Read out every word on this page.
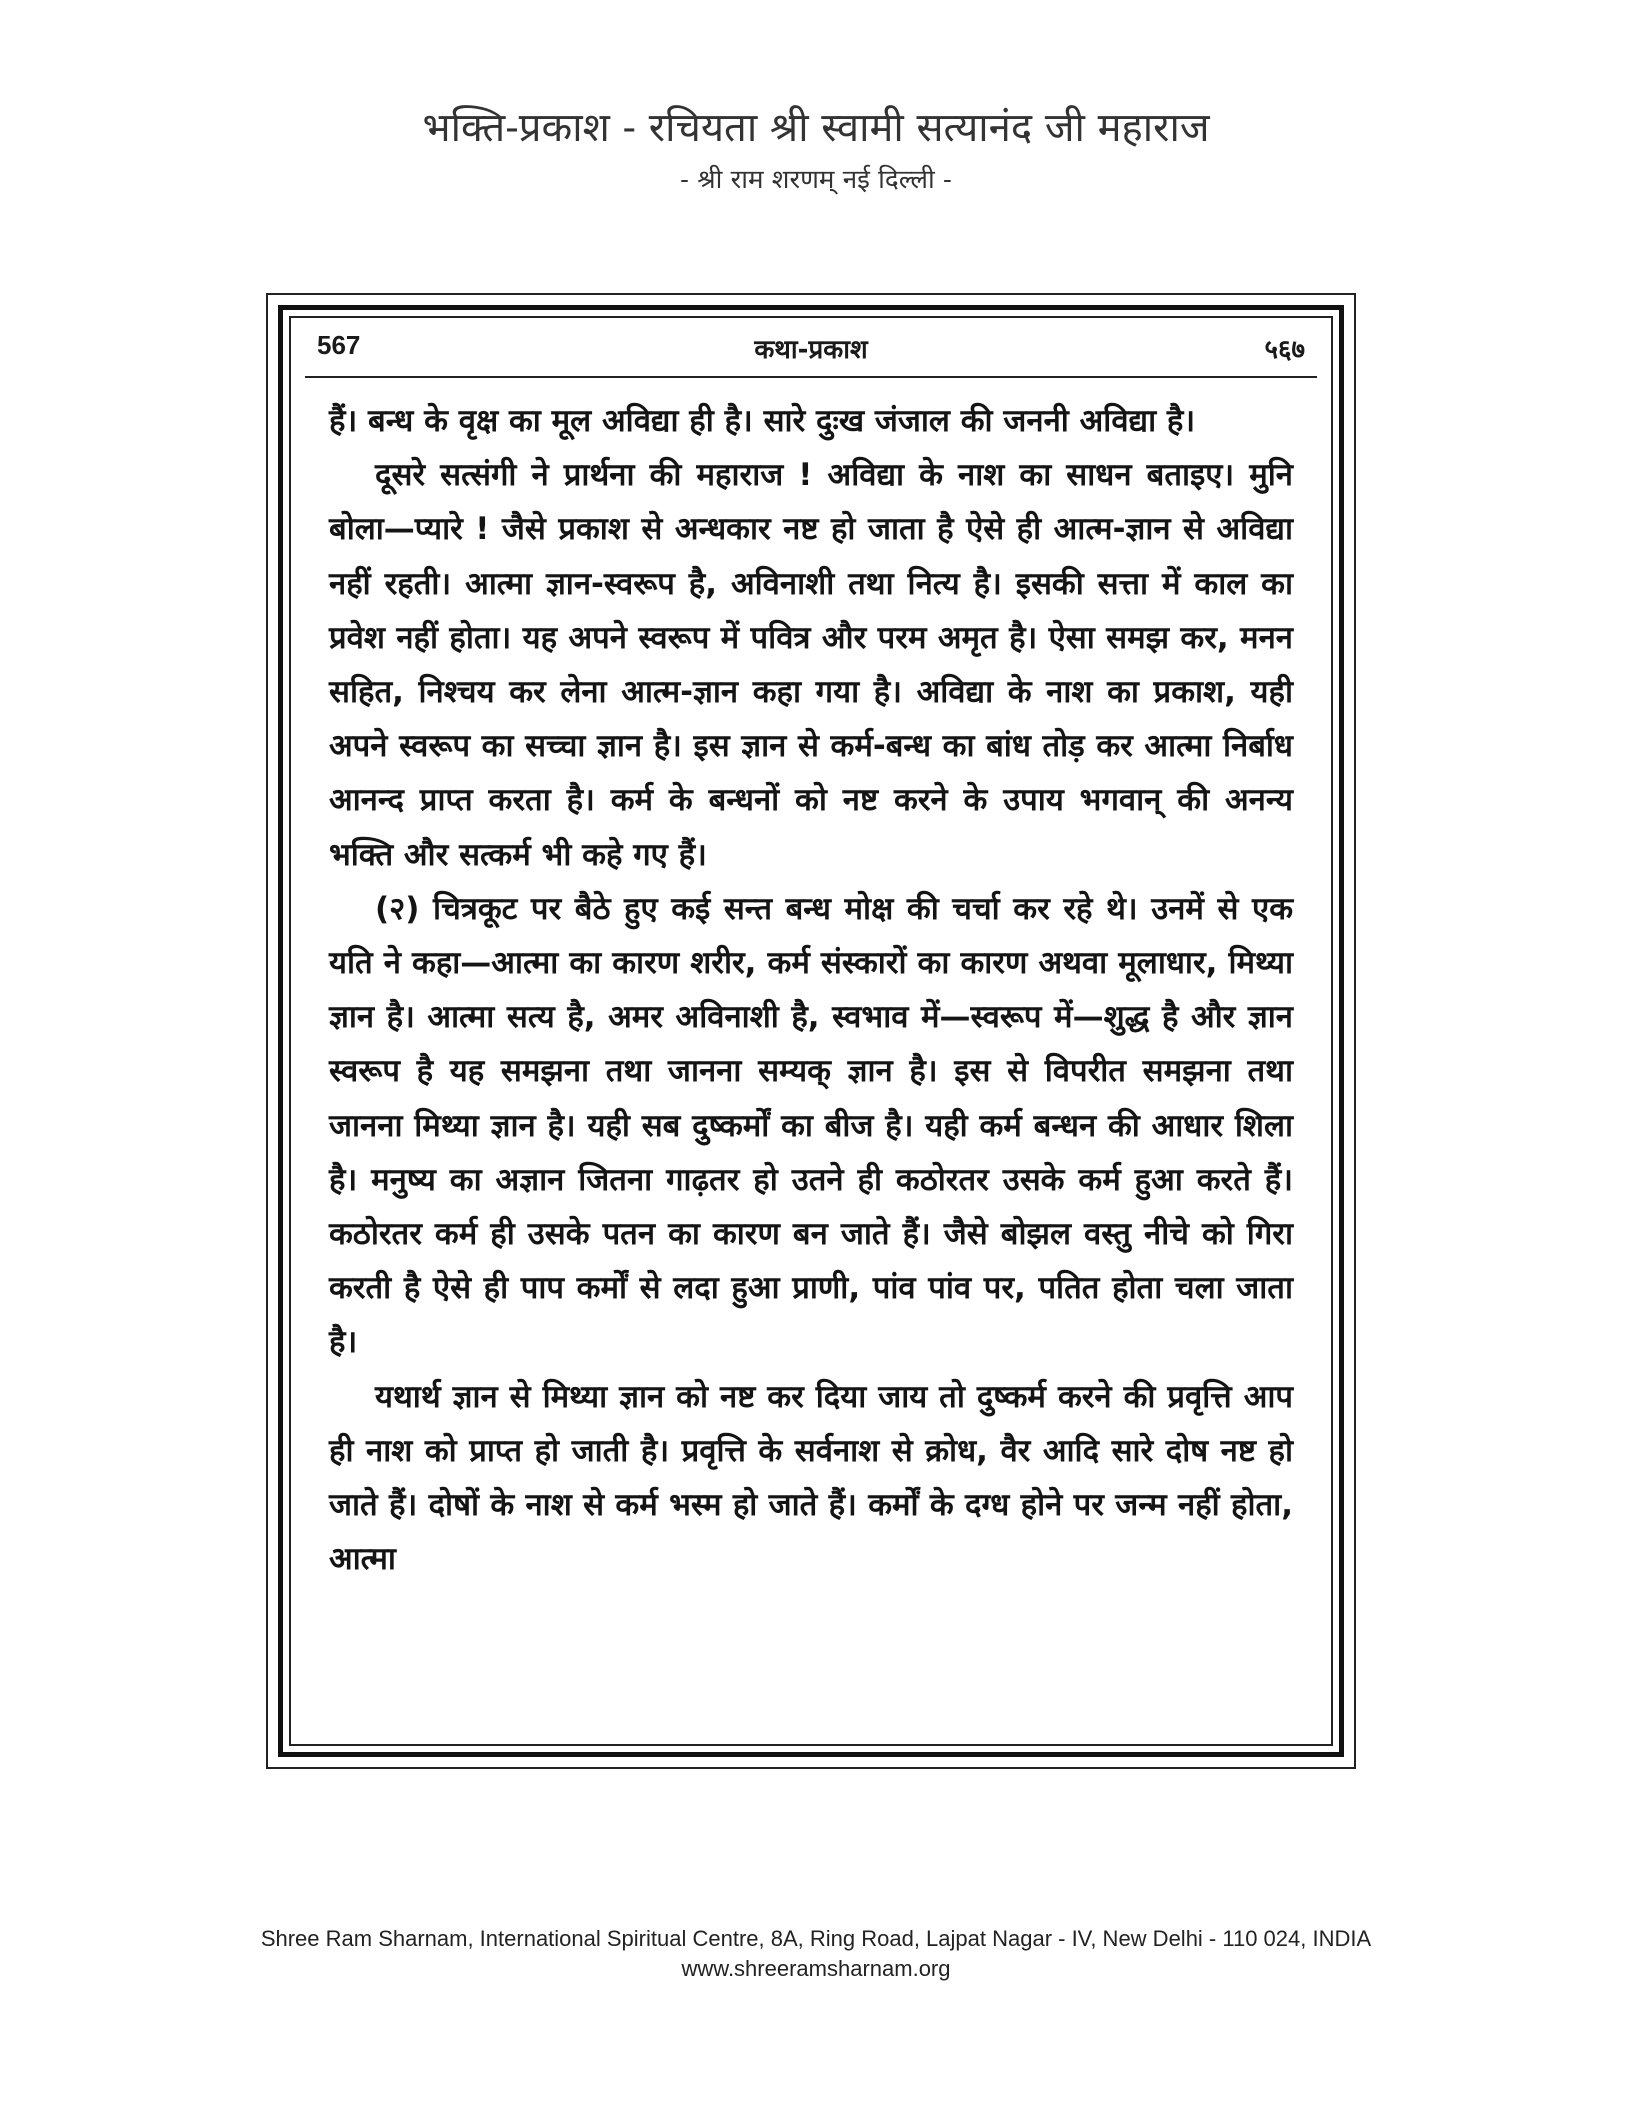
भक्ति-प्रकाश - रचियता श्री स्वामी सत्यानंद जी महाराज
- श्री राम शरणम् नई दिल्ली -
567	कथा-प्रकाश	५६७

हैं। बन्ध के वृक्ष का मूल अविद्या ही है। सारे दुःख जंजाल की जननी अविद्या है।

दूसरे सत्संगी ने प्रार्थना की महाराज ! अविद्या के नाश का साधन बताइए। मुनि बोला—प्यारे ! जैसे प्रकाश से अन्धकार नष्ट हो जाता है ऐसे ही आत्म-ज्ञान से अविद्या नहीं रहती। आत्मा ज्ञान-स्वरूप है, अविनाशी तथा नित्य है। इसकी सत्ता में काल का प्रवेश नहीं होता। यह अपने स्वरूप में पवित्र और परम अमृत है। ऐसा समझ कर, मनन सहित, निश्चय कर लेना आत्म-ज्ञान कहा गया है। अविद्या के नाश का प्रकाश, यही अपने स्वरूप का सच्चा ज्ञान है। इस ज्ञान से कर्म-बन्ध का बांध तोड़ कर आत्मा निर्बाध आनन्द प्राप्त करता है। कर्म के बन्धनों को नष्ट करने के उपाय भगवान् की अनन्य भक्ति और सत्कर्म भी कहे गए हैं।

(२) चित्रकूट पर बैठे हुए कई सन्त बन्ध मोक्ष की चर्चा कर रहे थे। उनमें से एक यति ने कहा—आत्मा का कारण शरीर, कर्म संस्कारों का कारण अथवा मूलाधार, मिथ्या ज्ञान है। आत्मा सत्य है, अमर अविनाशी है, स्वभाव में—स्वरूप में—शुद्ध है और ज्ञान स्वरूप है यह समझना तथा जानना सम्यक् ज्ञान है। इस से विपरीत समझना तथा जानना मिथ्या ज्ञान है। यही सब दुष्कर्मों का बीज है। यही कर्म बन्धन की आधार शिला है। मनुष्य का अज्ञान जितना गाढ़तर हो उतने ही कठोरतर उसके कर्म हुआ करते हैं। कठोरतर कर्म ही उसके पतन का कारण बन जाते हैं। जैसे बोझल वस्तु नीचे को गिरा करती है ऐसे ही पाप कर्मों से लदा हुआ प्राणी, पांव पांव पर, पतित होता चला जाता है।

यथार्थ ज्ञान से मिथ्या ज्ञान को नष्ट कर दिया जाय तो दुष्कर्म करने की प्रवृत्ति आप ही नाश को प्राप्त हो जाती है। प्रवृत्ति के सर्वनाश से क्रोध, वैर आदि सारे दोष नष्ट हो जाते हैं। दोषों के नाश से कर्म भस्म हो जाते हैं। कर्मों के दग्ध होने पर जन्म नहीं होता, आत्मा

Shree Ram Sharnam, International Spiritual Centre, 8A, Ring Road, Lajpat Nagar - IV, New Delhi - 110 024, INDIA
www.shreeramsharnam.org
